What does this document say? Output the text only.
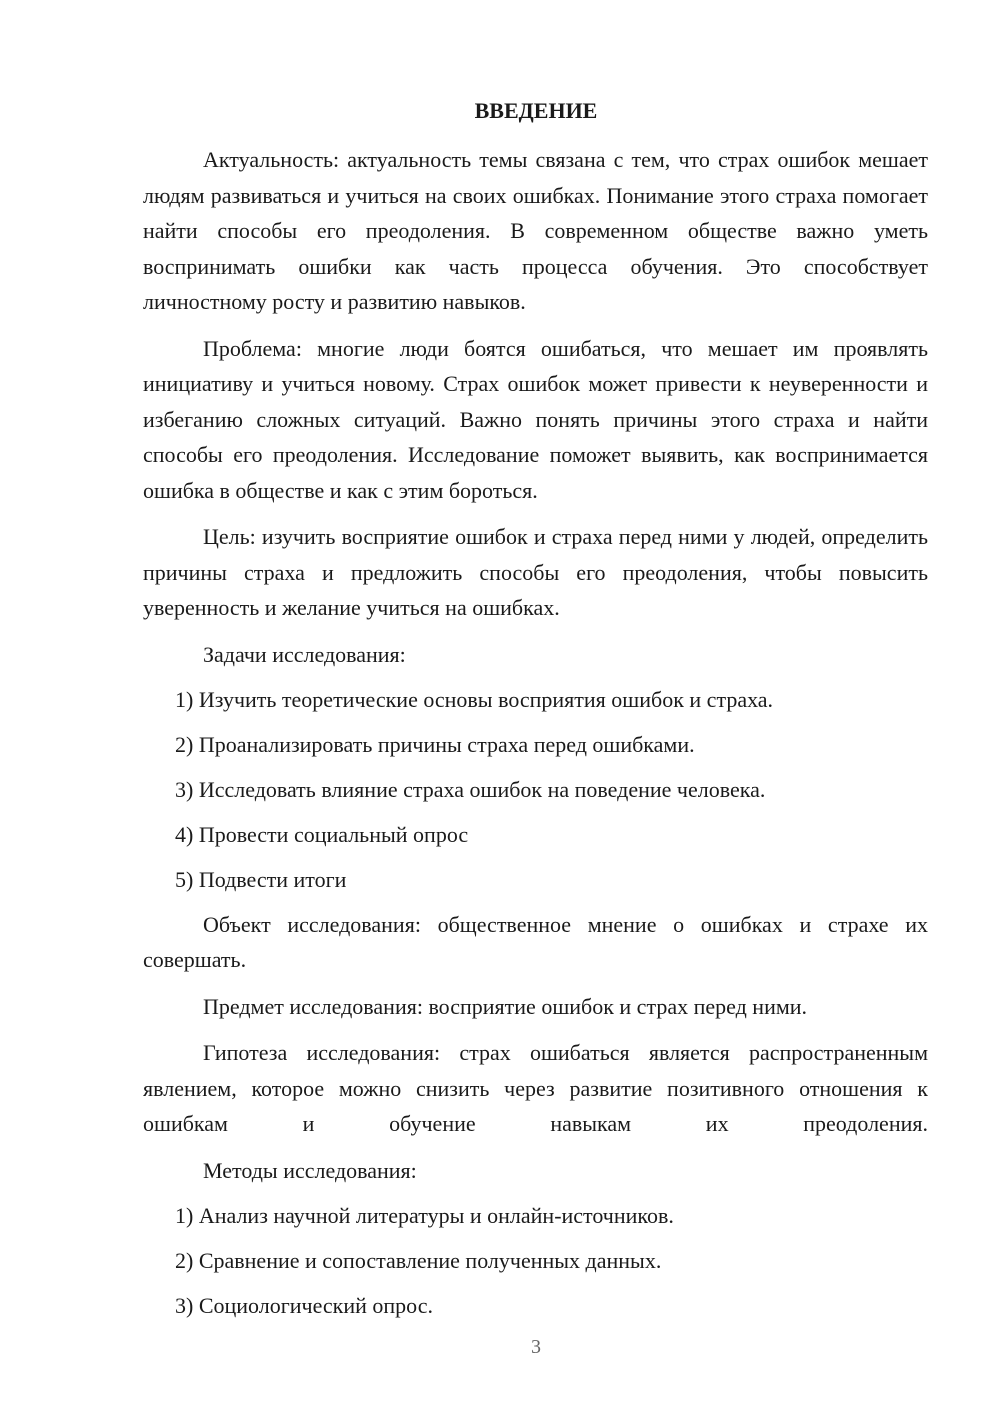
ВВЕДЕНИЕ

Актуальность: актуальность темы связана с тем, что страх ошибок мешает людям развиваться и учиться на своих ошибках. Понимание этого страха помогает найти способы его преодоления. В современном обществе важно уметь воспринимать ошибки как часть процесса обучения. Это способствует личностному росту и развитию навыков.

Проблема: многие люди боятся ошибаться, что мешает им проявлять инициативу и учиться новому. Страх ошибок может привести к неуверенности и избеганию сложных ситуаций. Важно понять причины этого страха и найти способы его преодоления. Исследование поможет выявить, как воспринимается ошибка в обществе и как с этим бороться.

Цель: изучить восприятие ошибок и страха перед ними у людей, определить причины страха и предложить способы его преодоления, чтобы повысить уверенность и желание учиться на ошибках.

Задачи исследования:
1) Изучить теоретические основы восприятия ошибок и страха.
2) Проанализировать причины страха перед ошибками.
3) Исследовать влияние страха ошибок на поведение человека.
4) Провести социальный опрос
5) Подвести итоги

Объект исследования: общественное мнение о ошибках и страхе их совершать.

Предмет исследования: восприятие ошибок и страх перед ними.

Гипотеза исследования: страх ошибаться является распространенным явлением, которое можно снизить через развитие позитивного отношения к ошибкам и обучение навыкам их преодоления.

Методы исследования:
1) Анализ научной литературы и онлайн-источников.
2) Сравнение и сопоставление полученных данных.
3) Социологический опрос.
3
